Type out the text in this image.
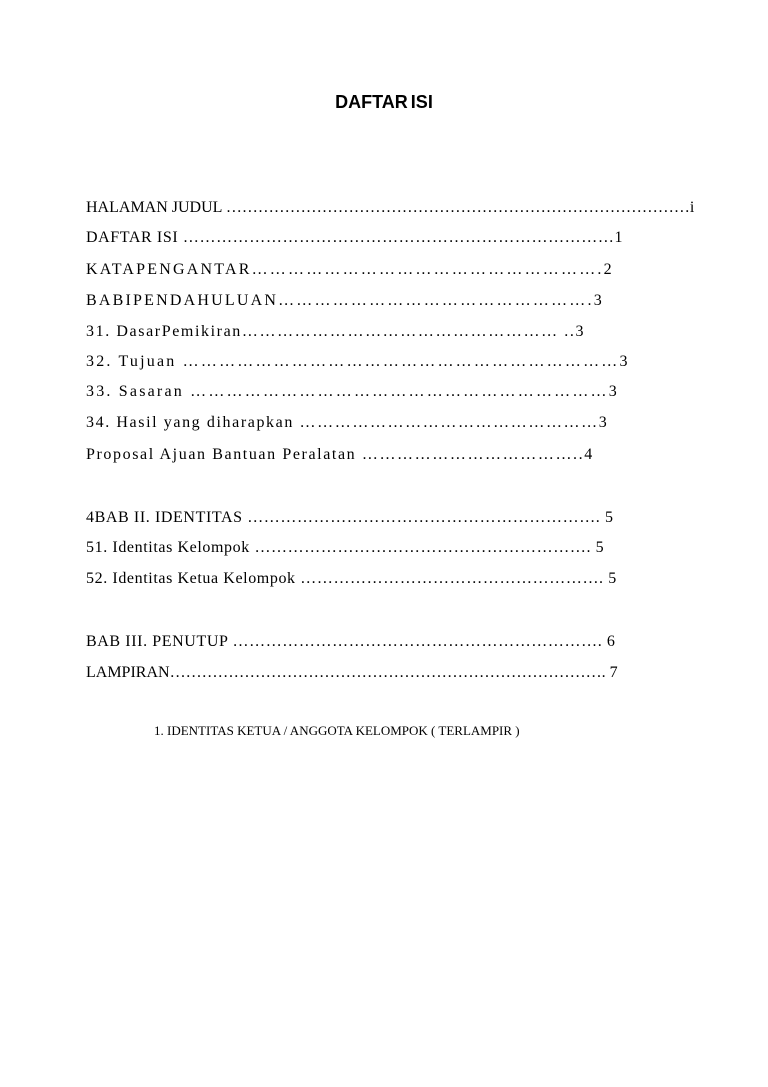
DAFTAR ISI
HALAMAN JUDUL ……………………………………………………………………………i
DAFTAR ISI ……………………………………………………………………1
KATAPENGANTAR………………………………………………….2
BABIPENDAHULUAN…………………………………………….3
31. DasarPemikiran……………………………………………… ..3
32. Tujuan ………………………………………………………………3
33. Sasaran ……………………………………………………………3
34. Hasil yang diharapkan ……………………………………………3
Proposal Ajuan Bantuan Peralatan ………………………………..4
4BAB II. IDENTITAS ………………………………………………………. 5
51. Identitas Kelompok ……………………………………………………. 5
52. Identitas Ketua Kelompok ………………………………………………. 5
BAB III. PENUTUP …………………………………………………………. 6
LAMPIRAN………………………………………………………………………. 7
1. IDENTITAS KETUA / ANGGOTA KELOMPOK ( TERLAMPIR )
